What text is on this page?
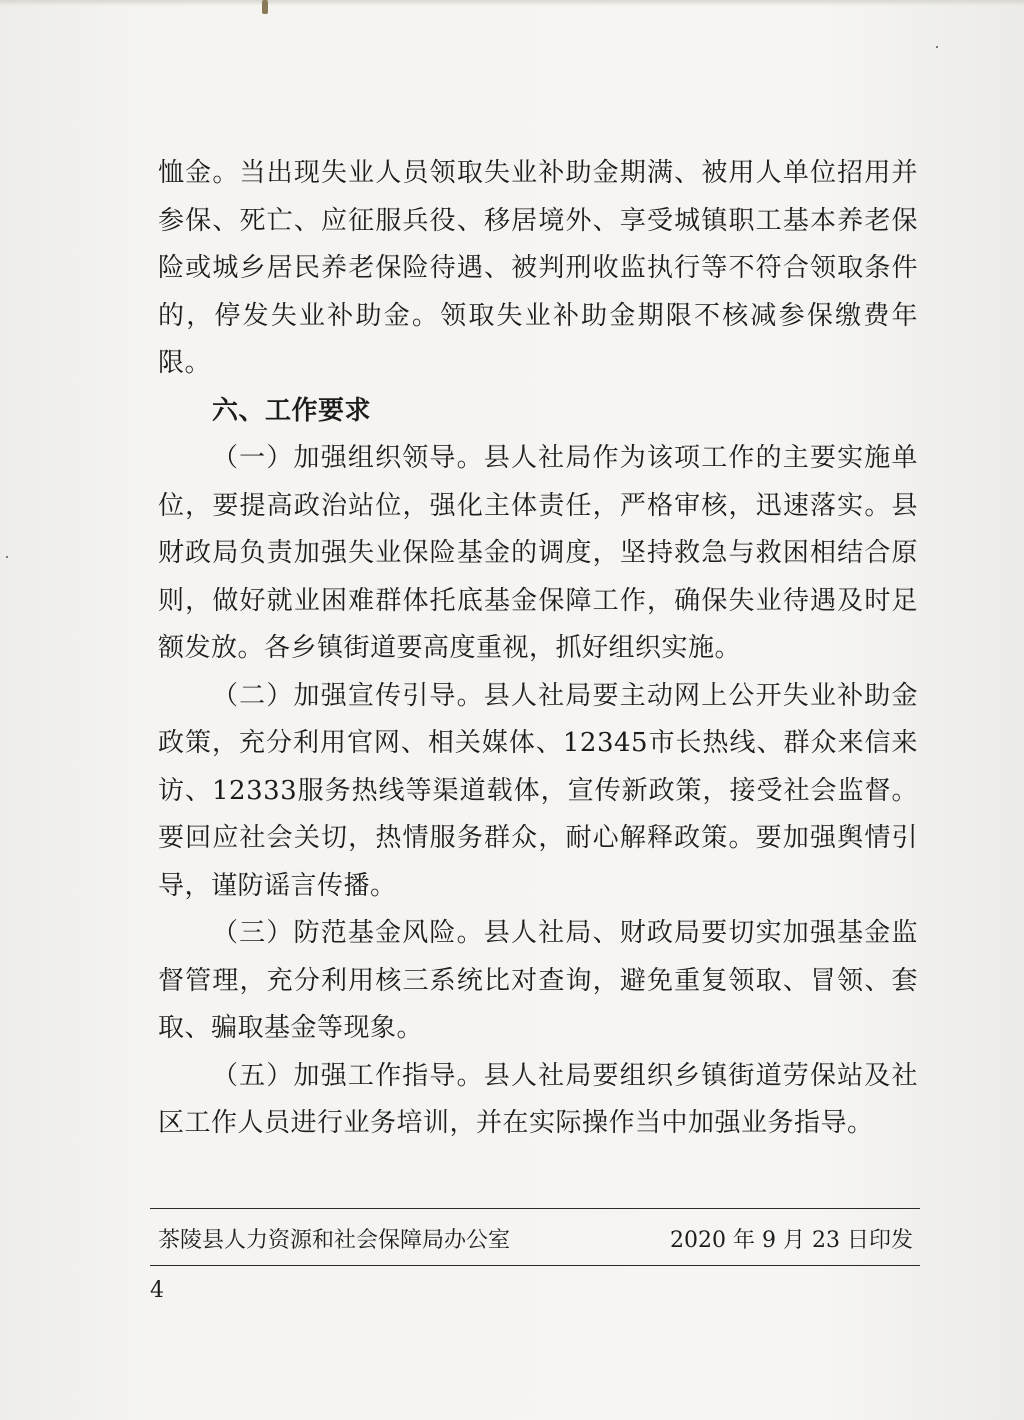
恤金。当出现失业人员领取失业补助金期满、被用人单位招用并参保、死亡、应征服兵役、移居境外、享受城镇职工基本养老保险或城乡居民养老保险待遇、被判刑收监执行等不符合领取条件的，停发失业补助金。领取失业补助金期限不核减参保缴费年限。

六、工作要求

（一）加强组织领导。县人社局作为该项工作的主要实施单位，要提高政治站位，强化主体责任，严格审核，迅速落实。县财政局负责加强失业保险基金的调度，坚持救急与救困相结合原则，做好就业困难群体托底基金保障工作，确保失业待遇及时足额发放。各乡镇街道要高度重视，抓好组织实施。

（二）加强宣传引导。县人社局要主动网上公开失业补助金政策，充分利用官网、相关媒体、12345市长热线、群众来信来访、12333服务热线等渠道载体，宣传新政策，接受社会监督。要回应社会关切，热情服务群众，耐心解释政策。要加强舆情引导，谨防谣言传播。

（三）防范基金风险。县人社局、财政局要切实加强基金监督管理，充分利用核三系统比对查询，避免重复领取、冒领、套取、骗取基金等现象。

（五）加强工作指导。县人社局要组织乡镇街道劳保站及社区工作人员进行业务培训，并在实际操作当中加强业务指导。

茶陵县人力资源和社会保障局办公室	2020 年 9 月 23 日印发
4
